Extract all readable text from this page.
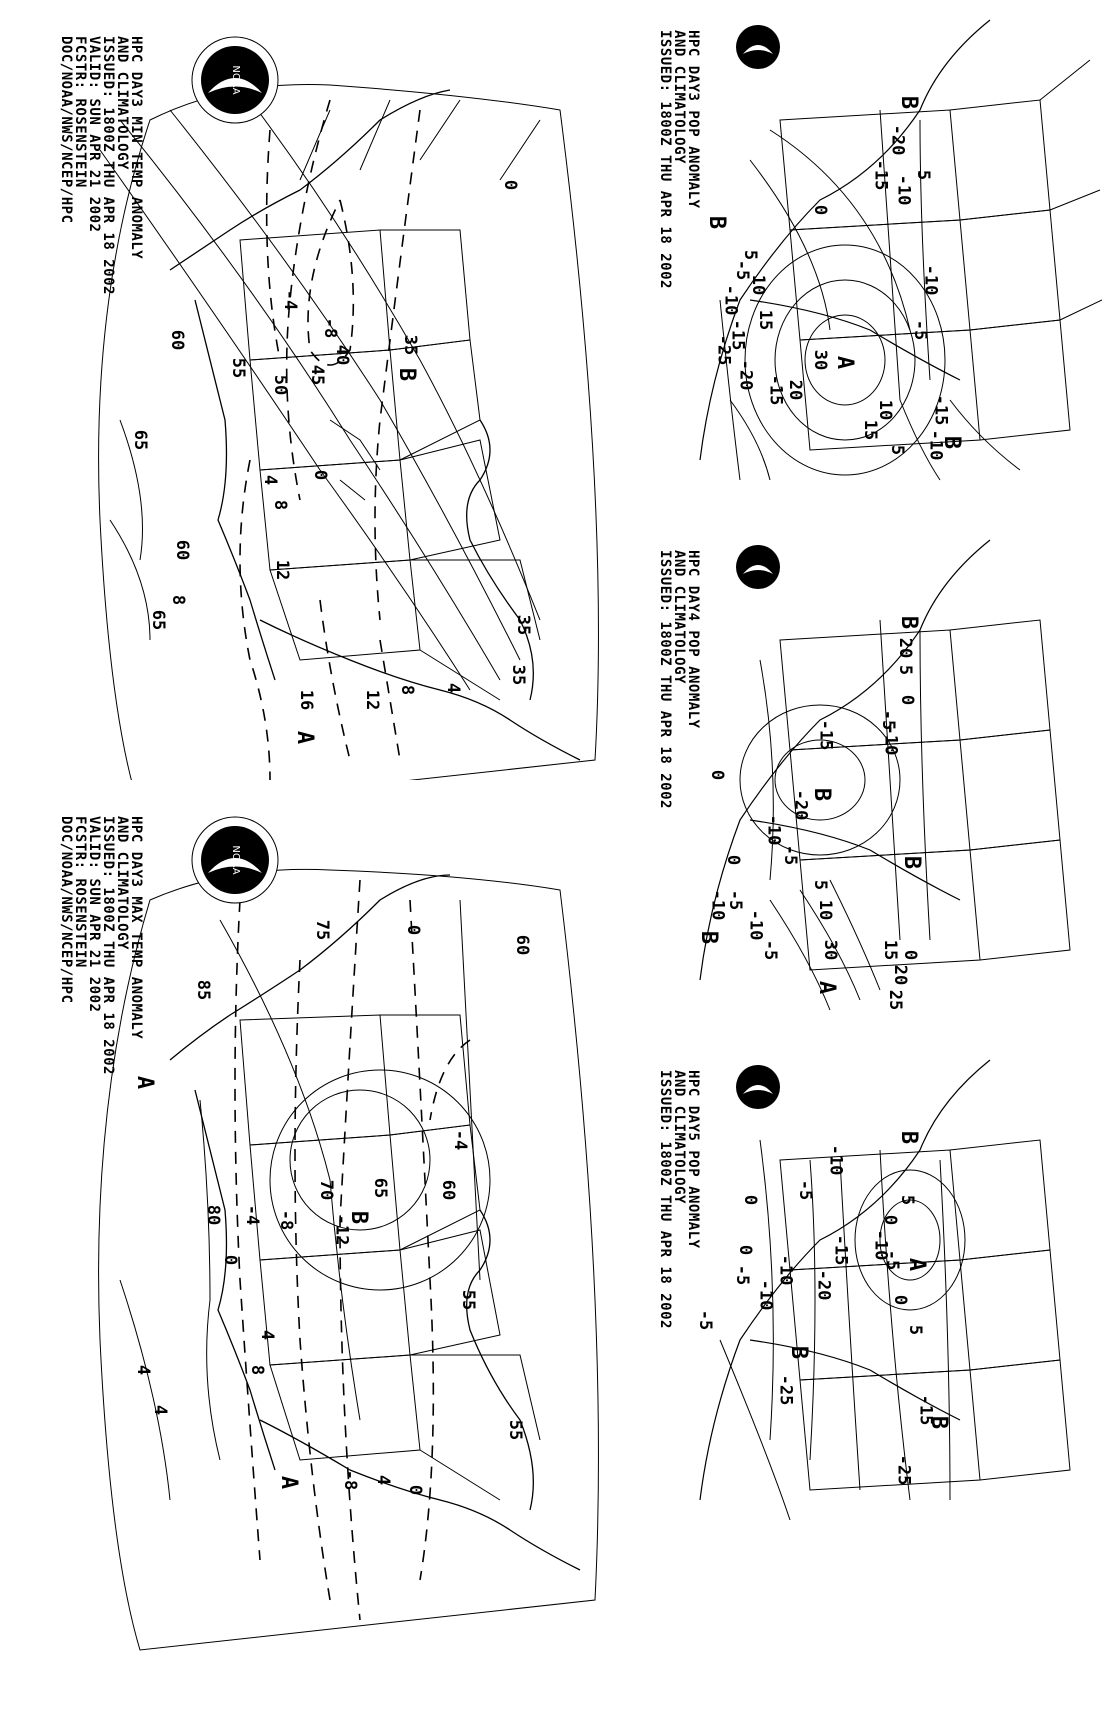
HPC DAY3 MIN TEMP ANOMALY
AND CLIMATOLOGY
ISSUED: 1800Z THU APR 18 2002
VALID: SUN APR 21 2002
FCSTR: ROSENSTEIN
DOC/NOAA/NWS/NCEP/HPC	NOAA
0
-4
-8
40	35
B
50 45
55
60
65
4 0
8
12
60
8
65
16
A
12 8
35
35
4
HPC DAY3 MAX TEMP ANOMALY
AND CLIMATOLOGY
ISSUED: 1800Z THU APR 18 2002
VALID: SUN APR 21 2002
FCSTR: ROSENSTEIN
DOC/NOAA/NWS/NCEP/HPC	NOAA
75	0
60
85
A
-4
60
65
B
70
-12
-8
-4
80
0
4
8
4
4
55
55
A -8 4
0
HPC DAY3 POP ANOMALY
AND CLIMATOLOGY
ISSUED: 1800Z THU APR 18 2002	B
-20
-15 -10 5
0
B
5
10
15
-5
-10
-15
-20
-25	A
30
20
-15
-10
-5
10
15
-15
B
-10
5
HPC DAY4 POP ANOMALY
AND CLIMATOLOGY
ISSUED: 1800Z THU APR 18 2002	B
20
5
0
-5
-10
-15
B
-20
-10
-5
0
0
-5
-10
B
5
10
15
20
25
30
A
-5
-10
0
B
HPC DAY5 POP ANOMALY
AND CLIMATOLOGY
ISSUED: 1800Z THU APR 18 2002	B
-10
-5
0
0
5
0
-5
-10
-15
-20
-10
B
-25
-5
0
5
A
-15
-25
B
-5
-10
